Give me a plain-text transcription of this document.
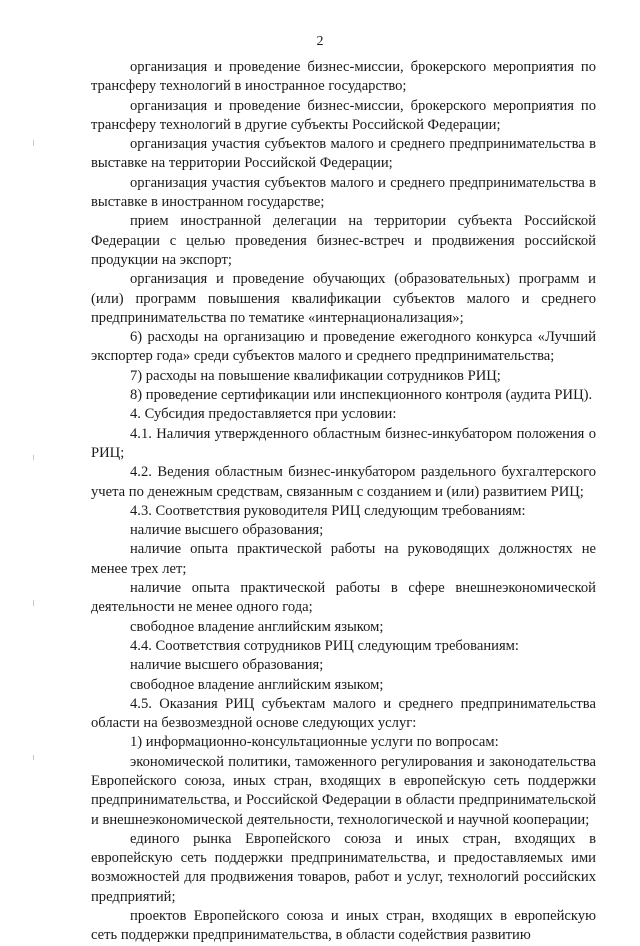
2

организация и проведение бизнес-миссии, брокерского мероприятия по трансферу технологий в иностранное государство;

организация и проведение бизнес-миссии, брокерского мероприятия по трансферу технологий в другие субъекты Российской Федерации;

организация участия субъектов малого и среднего предпринимательства в выставке на территории Российской Федерации;

организация участия субъектов малого и среднего предпринимательства в выставке в иностранном государстве;

прием иностранной делегации на территории субъекта Российской Федерации с целью проведения бизнес-встреч и продвижения российской продукции на экспорт;

организация и проведение обучающих (образовательных) программ и (или) программ повышения квалификации субъектов малого и среднего предпринимательства по тематике «интернационализация»;

6) расходы на организацию и проведение ежегодного конкурса «Лучший экспортер года» среди субъектов малого и среднего предпринимательства;

7) расходы на повышение квалификации сотрудников РИЦ;

8) проведение сертификации или инспекционного контроля (аудита РИЦ).

4. Субсидия предоставляется при условии:

4.1. Наличия утвержденного областным бизнес-инкубатором положения о РИЦ;

4.2. Ведения областным бизнес-инкубатором раздельного бухгалтерского учета по денежным средствам, связанным с созданием и (или) развитием РИЦ;

4.3. Соответствия руководителя РИЦ следующим требованиям:

наличие высшего образования;

наличие опыта практической работы на руководящих должностях не менее трех лет;

наличие опыта практической работы в сфере внешнеэкономической деятельности не менее одного года;

свободное владение английским языком;

4.4. Соответствия сотрудников РИЦ следующим требованиям:

наличие высшего образования;

свободное владение английским языком;

4.5. Оказания РИЦ субъектам малого и среднего предпринимательства области на безвозмездной основе следующих услуг:

1) информационно-консультационные услуги по вопросам:

экономической политики, таможенного регулирования и законодательства Европейского союза, иных стран, входящих в европейскую сеть поддержки предпринимательства, и Российской Федерации в области предпринимательской и внешнеэкономической деятельности, технологической и научной кооперации;

единого рынка Европейского союза и иных стран, входящих в европейскую сеть поддержки предпринимательства, и предоставляемых ими возможностей для продвижения товаров, работ и услуг, технологий российских предприятий;

проектов Европейского союза и иных стран, входящих в европейскую сеть поддержки предпринимательства, в области содействия развитию
